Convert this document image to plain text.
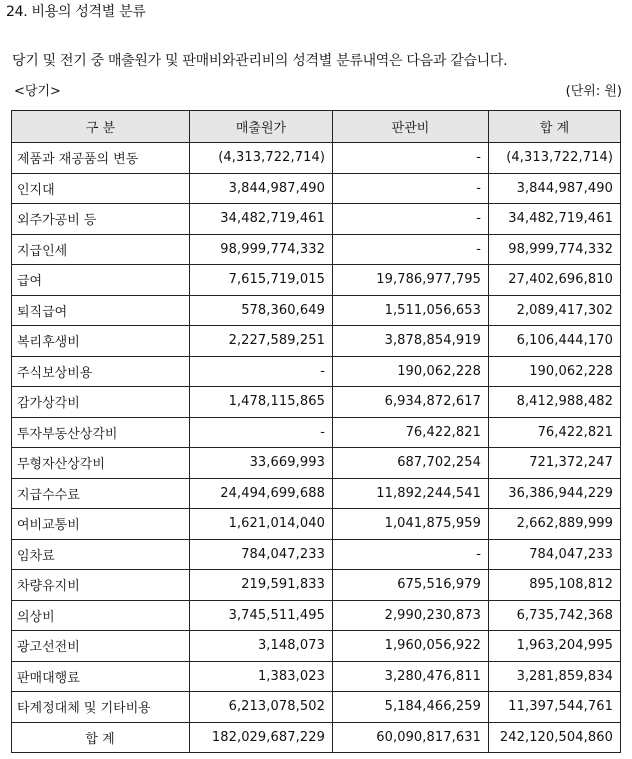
24. 비용의 성격별 분류
당기 및 전기 중 매출원가 및 판매비와관리비의 성격별 분류내역은 다음과 같습니다.
<당기>	(단위: 원)
구 분	매출원가	판관비	합 계
제품과 재공품의 변동	(4,313,722,714)	-	(4,313,722,714)
인지대	3,844,987,490	-	3,844,987,490
외주가공비 등	34,482,719,461	-	34,482,719,461
지급인세	98,999,774,332	-	98,999,774,332
급여	7,615,719,015	19,786,977,795	27,402,696,810
퇴직급여	578,360,649	1,511,056,653	2,089,417,302
복리후생비	2,227,589,251	3,878,854,919	6,106,444,170
주식보상비용	-	190,062,228	190,062,228
감가상각비	1,478,115,865	6,934,872,617	8,412,988,482
투자부동산상각비	-	76,422,821	76,422,821
무형자산상각비	33,669,993	687,702,254	721,372,247
지급수수료	24,494,699,688	11,892,244,541	36,386,944,229
여비교통비	1,621,014,040	1,041,875,959	2,662,889,999
임차료	784,047,233	-	784,047,233
차량유지비	219,591,833	675,516,979	895,108,812
의상비	3,745,511,495	2,990,230,873	6,735,742,368
광고선전비	3,148,073	1,960,056,922	1,963,204,995
판매대행료	1,383,023	3,280,476,811	3,281,859,834
타계정대체 및 기타비용	6,213,078,502	5,184,466,259	11,397,544,761
합 계	182,029,687,229	60,090,817,631	242,120,504,860
